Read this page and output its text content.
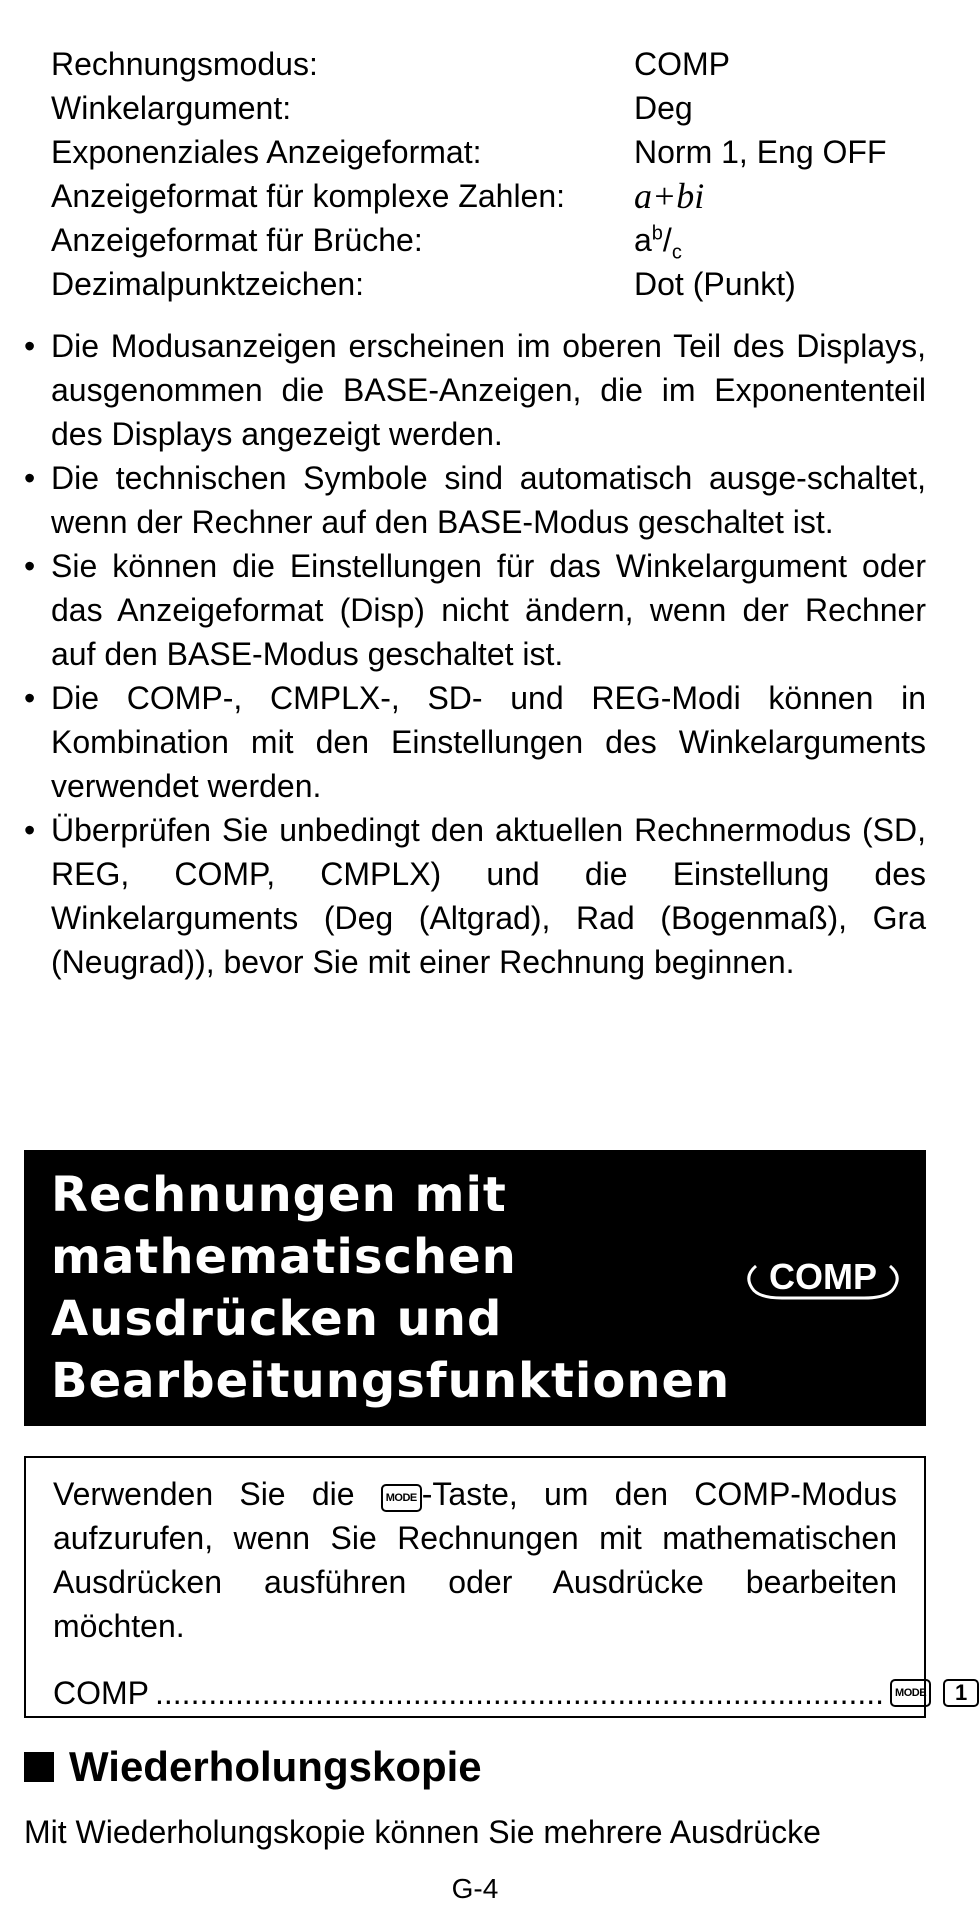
Rechnungsmodus:	COMP
Winkelargument:	Deg
Exponenziales Anzeigeformat:	Norm 1, Eng OFF
Anzeigeformat für komplexe Zahlen:	a+bi
Anzeigeformat für Brüche:	$a^b/_c$
Dezimalpunktzeichen:	Dot (Punkt)
• Die Modusanzeigen erscheinen im oberen Teil des Displays, ausgenommen die BASE-Anzeigen, die im Exponententeil des Displays angezeigt werden.
• Die technischen Symbole sind automatisch ausge-schaltet, wenn der Rechner auf den BASE-Modus geschaltet ist.
• Sie können die Einstellungen für das Winkelargument oder das Anzeigeformat (Disp) nicht ändern, wenn der Rechner auf den BASE-Modus geschaltet ist.
• Die COMP-, CMPLX-, SD- und REG-Modi können in Kombination mit den Einstellungen des Winkelarguments verwendet werden.
• Überprüfen Sie unbedingt den aktuellen Rechnermodus (SD, REG, COMP, CMPLX) und die Einstellung des Winkelarguments (Deg (Altgrad), Rad (Bogenmaß), Gra (Neugrad)), bevor Sie mit einer Rechnung beginnen.
Rechnungen mit
mathematischen
Ausdrücken und
Bearbeitungsfunktionen
COMP
Verwenden Sie die MODE -Taste, um den COMP-Modus aufzurufen, wenn Sie Rechnungen mit mathematischen Ausdrücken ausführen oder Ausdrücke bearbeiten möchten.
COMP ..................................................................................	MODE	1
Wiederholungskopie
Mit Wiederholungskopie können Sie mehrere Ausdrücke
G-4
